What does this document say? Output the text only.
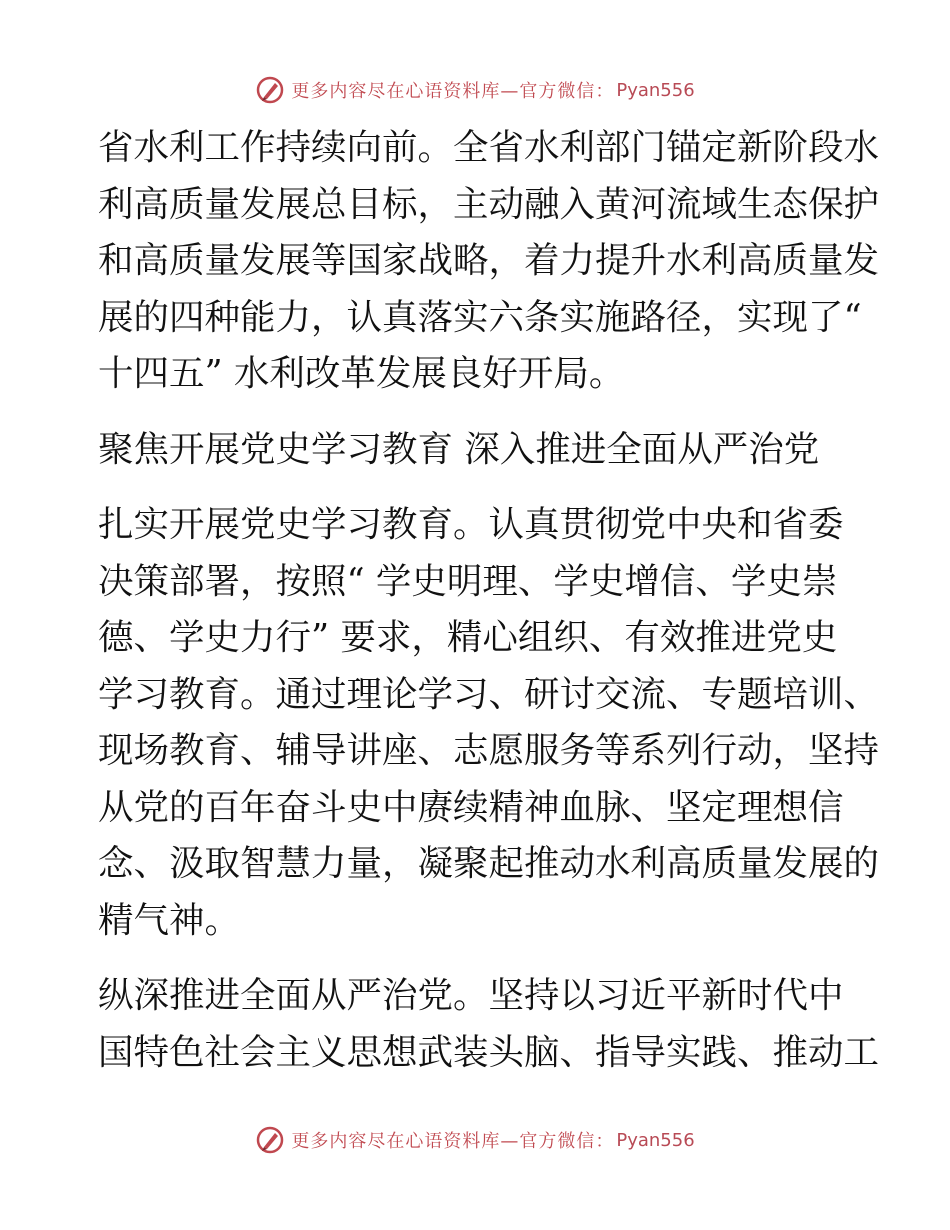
更多内容尽在心语资料库—官方微信： Pyan556

省水利工作持续向前。全省水利部门锚定新阶段水

利高质量发展总目标，主动融入黄河流域生态保护

和高质量发展等国家战略，着力提升水利高质量发

展的四种能力，认真落实六条实施路径，实现了“

十四五” 水利改革发展良好开局。

聚焦开展党史学习教育 深入推进全面从严治党

扎实开展党史学习教育。认真贯彻党中央和省委

决策部署，按照“ 学史明理、学史增信、学史崇

德、学史力行” 要求，精心组织、有效推进党史

学习教育。通过理论学习、研讨交流、专题培训、

现场教育、辅导讲座、志愿服务等系列行动，坚持

从党的百年奋斗史中赓续精神血脉、坚定理想信

念、汲取智慧力量，凝聚起推动水利高质量发展的

精气神。

纵深推进全面从严治党。坚持以习近平新时代中

国特色社会主义思想武装头脑、指导实践、推动工

更多内容尽在心语资料库—官方微信： Pyan556
